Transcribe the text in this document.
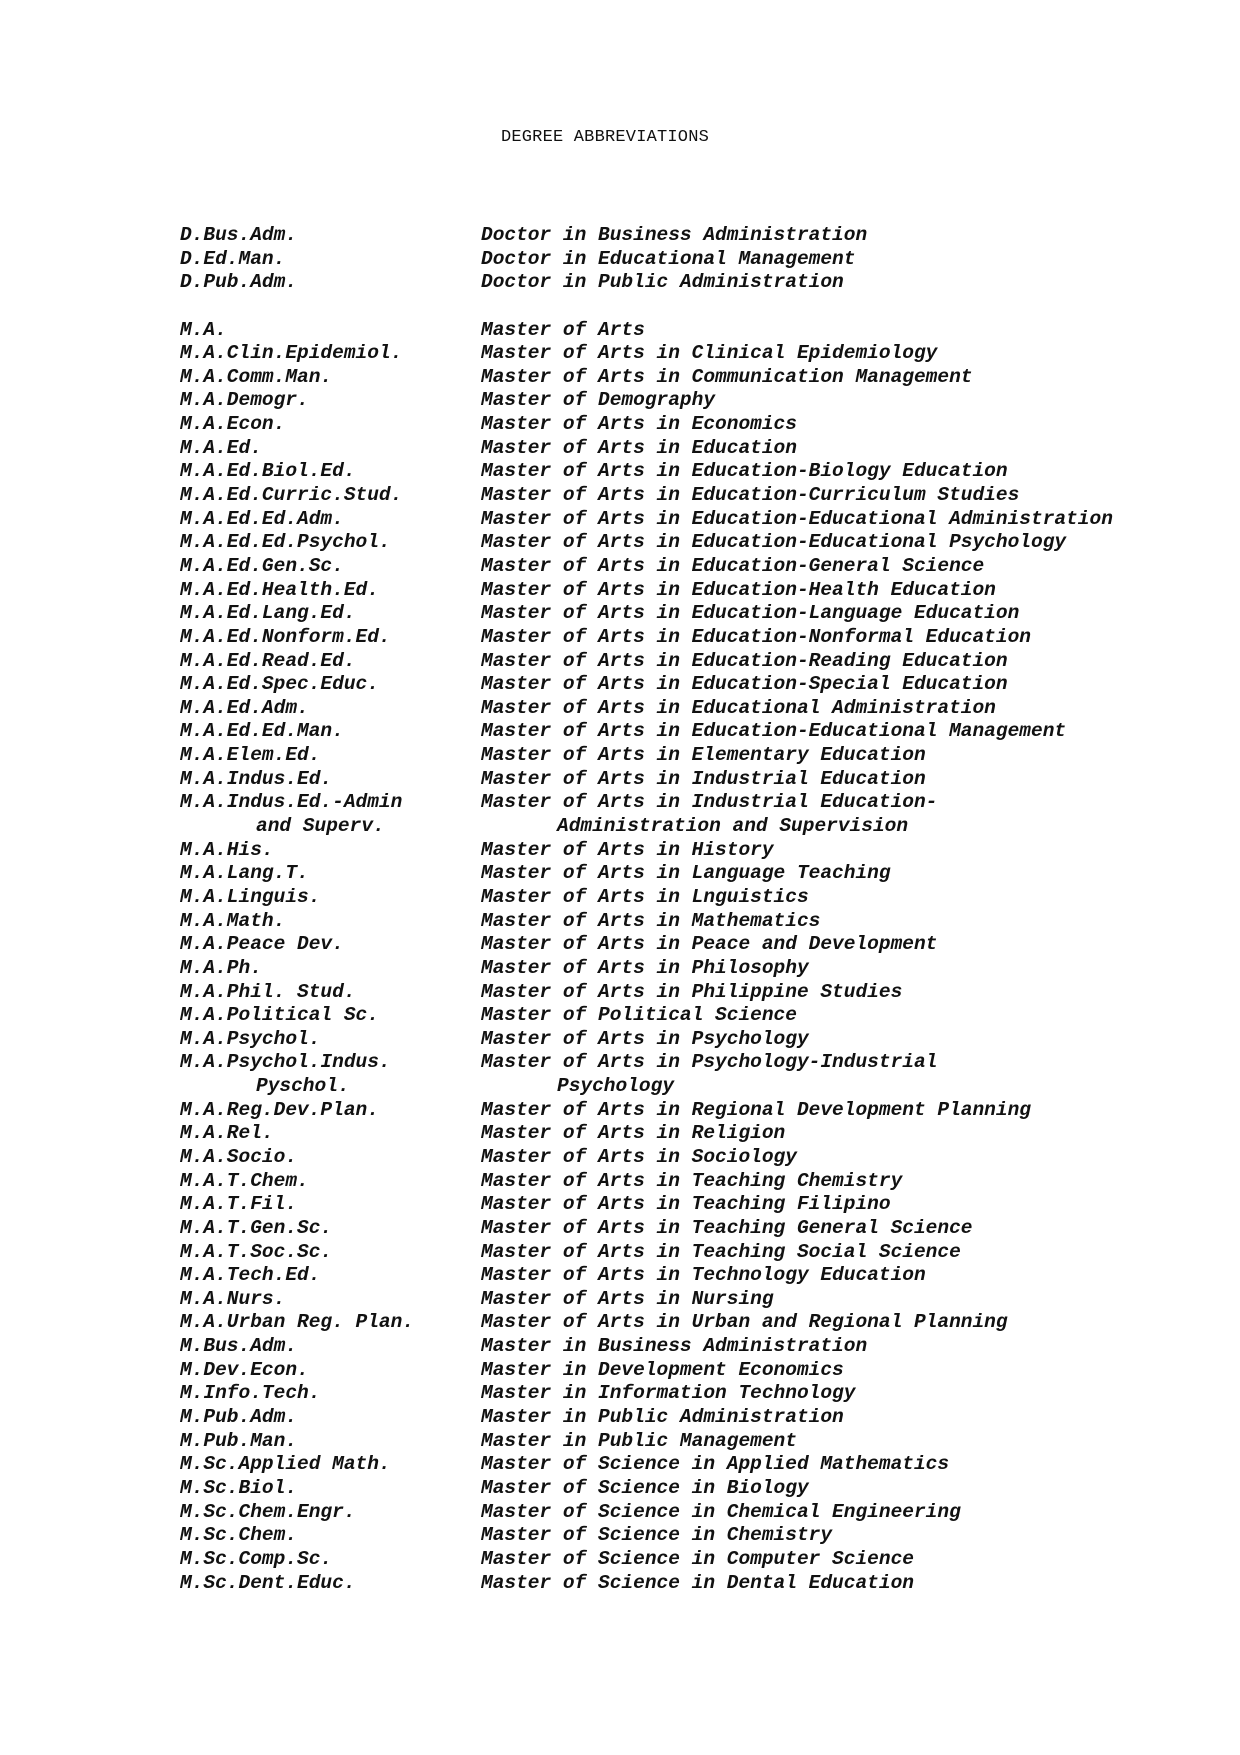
DEGREE ABBREVIATIONS
D.Bus.Adm.	Doctor in Business Administration
D.Ed.Man.	Doctor in Educational Management
D.Pub.Adm.	Doctor in Public Administration
M.A.	Master of Arts
M.A.Clin.Epidemiol.	Master of Arts in Clinical Epidemiology
M.A.Comm.Man.	Master of Arts in Communication Management
M.A.Demogr.	Master of Demography
M.A.Econ.	Master of Arts in Economics
M.A.Ed.	Master of Arts in Education
M.A.Ed.Biol.Ed.	Master of Arts in Education-Biology Education
M.A.Ed.Curric.Stud.	Master of Arts in Education-Curriculum Studies
M.A.Ed.Ed.Adm.	Master of Arts in Education-Educational Administration
M.A.Ed.Ed.Psychol.	Master of Arts in Education-Educational Psychology
M.A.Ed.Gen.Sc.	Master of Arts in Education-General Science
M.A.Ed.Health.Ed.	Master of Arts in Education-Health Education
M.A.Ed.Lang.Ed.	Master of Arts in Education-Language Education
M.A.Ed.Nonform.Ed.	Master of Arts in Education-Nonformal Education
M.A.Ed.Read.Ed.	Master of Arts in Education-Reading Education
M.A.Ed.Spec.Educ.	Master of Arts in Education-Special Education
M.A.Ed.Adm.	Master of Arts in Educational Administration
M.A.Ed.Ed.Man.	Master of Arts in Education-Educational Management
M.A.Elem.Ed.	Master of Arts in Elementary Education
M.A.Indus.Ed.	Master of Arts in Industrial Education
M.A.Indus.Ed.-Admin	Master of Arts in Industrial Education-
and Superv.	Administration and Supervision
M.A.His.	Master of Arts in History
M.A.Lang.T.	Master of Arts in Language Teaching
M.A.Linguis.	Master of Arts in Lnguistics
M.A.Math.	Master of Arts in Mathematics
M.A.Peace Dev.	Master of Arts in Peace and Development
M.A.Ph.	Master of Arts in Philosophy
M.A.Phil. Stud.	Master of Arts in Philippine Studies
M.A.Political Sc.	Master of Political Science
M.A.Psychol.	Master of Arts in Psychology
M.A.Psychol.Indus.	Master of Arts in Psychology-Industrial
Pyschol.	Psychology
M.A.Reg.Dev.Plan.	Master of Arts in Regional Development Planning
M.A.Rel.	Master of Arts in Religion
M.A.Socio.	Master of Arts in Sociology
M.A.T.Chem.	Master of Arts in Teaching Chemistry
M.A.T.Fil.	Master of Arts in Teaching Filipino
M.A.T.Gen.Sc.	Master of Arts in Teaching General Science
M.A.T.Soc.Sc.	Master of Arts in Teaching Social Science
M.A.Tech.Ed.	Master of Arts in Technology Education
M.A.Nurs.	Master of Arts in Nursing
M.A.Urban Reg. Plan.	Master of Arts in Urban and Regional Planning
M.Bus.Adm.	Master in Business Administration
M.Dev.Econ.	Master in Development Economics
M.Info.Tech.	Master in Information Technology
M.Pub.Adm.	Master in Public Administration
M.Pub.Man.	Master in Public Management
M.Sc.Applied Math.	Master of Science in Applied Mathematics
M.Sc.Biol.	Master of Science in Biology
M.Sc.Chem.Engr.	Master of Science in Chemical Engineering
M.Sc.Chem.	Master of Science in Chemistry
M.Sc.Comp.Sc.	Master of Science in Computer Science
M.Sc.Dent.Educ.	Master of Science in Dental Education
